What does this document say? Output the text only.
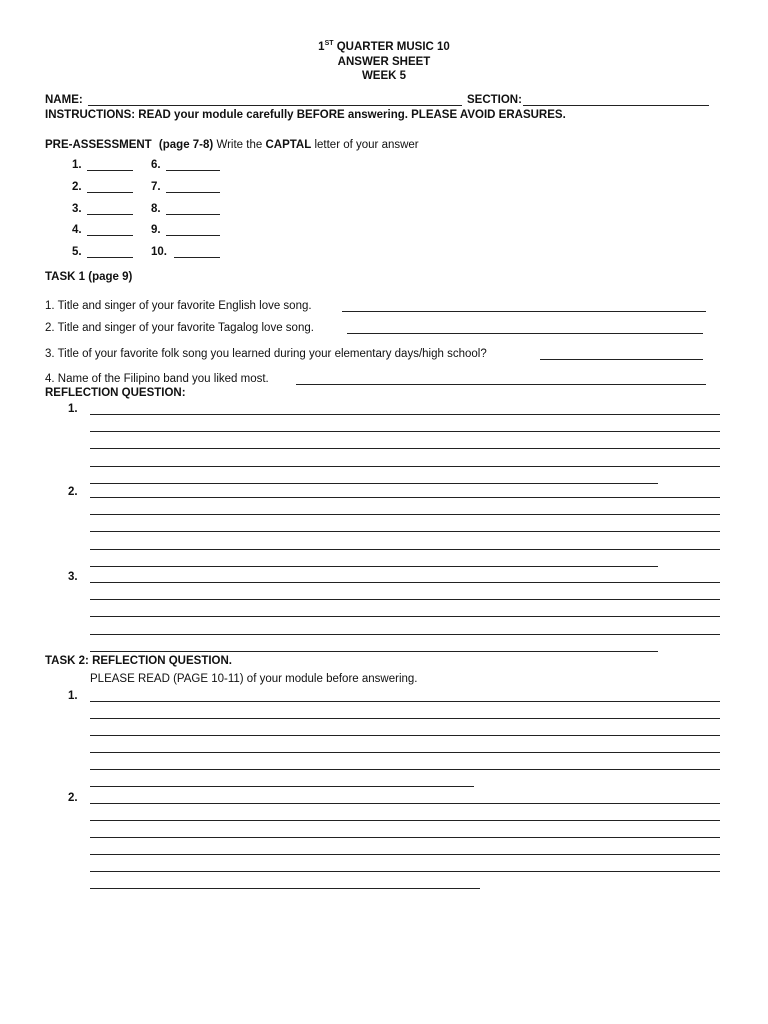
1ST QUARTER MUSIC 10
ANSWER SHEET
WEEK 5
NAME:	SECTION:
INSTRUCTIONS: READ your module carefully BEFORE answering. PLEASE AVOID ERASURES.
PRE-ASSESSMENT (page 7-8) Write the CAPTAL letter of your answer
1.
2.
3.
4.
5.
6.
7.
8.
9.
10.
TASK 1 (page 9)
1. Title and singer of your favorite English love song.
2. Title and singer of your favorite Tagalog love song.
3. Title of your favorite folk song you learned during your elementary days/high school?
4. Name of the Filipino band you liked most.
REFLECTION QUESTION:
1.
2.
3.
TASK 2: REFLECTION QUESTION.
PLEASE READ (PAGE 10-11) of your module before answering.
1.
2.
